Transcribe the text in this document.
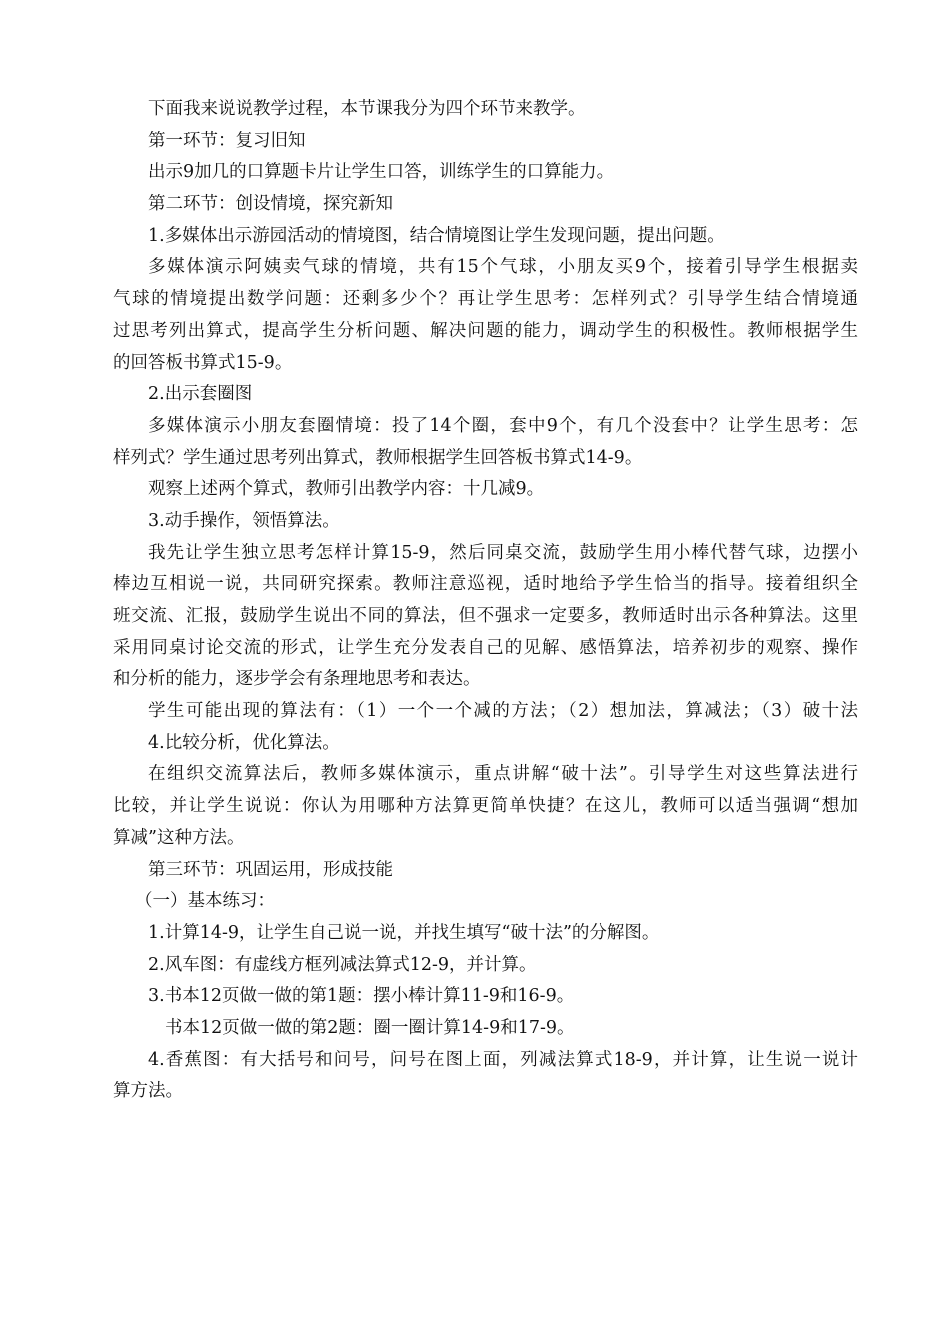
下面我来说说教学过程，本节课我分为四个环节来教学。
第一环节：复习旧知
出示9加几的口算题卡片让学生口答，训练学生的口算能力。
第二环节：创设情境，探究新知
1.多媒体出示游园活动的情境图，结合情境图让学生发现问题，提出问题。
多媒体演示阿姨卖气球的情境，共有15个气球，小朋友买9个，接着引导学生根据卖
气球的情境提出数学问题：还剩多少个？再让学生思考：怎样列式？引导学生结合情境通
过思考列出算式，提高学生分析问题、解决问题的能力，调动学生的积极性。教师根据学生
的回答板书算式15-9。
2.出示套圈图
多媒体演示小朋友套圈情境：投了14个圈，套中9个，有几个没套中？让学生思考：怎
样列式？学生通过思考列出算式，教师根据学生回答板书算式14-9。
观察上述两个算式，教师引出教学内容：十几减9。
3.动手操作，领悟算法。
我先让学生独立思考怎样计算15-9，然后同桌交流，鼓励学生用小棒代替气球，边摆小
棒边互相说一说，共同研究探索。教师注意巡视，适时地给予学生恰当的指导。接着组织全
班交流、汇报，鼓励学生说出不同的算法，但不强求一定要多，教师适时出示各种算法。这里
采用同桌讨论交流的形式，让学生充分发表自己的见解、感悟算法，培养初步的观察、操作
和分析的能力，逐步学会有条理地思考和表达。
学生可能出现的算法有：（1）一个一个减的方法；（2）想加法，算减法；（3）破十法
4.比较分析，优化算法。
在组织交流算法后，教师多媒体演示，重点讲解“破十法”。引导学生对这些算法进行
比较，并让学生说说：你认为用哪种方法算更简单快捷？在这儿，教师可以适当强调“想加
算减”这种方法。
第三环节：巩固运用，形成技能
（一）基本练习：
1.计算14-9，让学生自己说一说，并找生填写“破十法”的分解图。
2.风车图：有虚线方框列减法算式12-9，并计算。
3.书本12页做一做的第1题：摆小棒计算11-9和16-9。
书本12页做一做的第2题：圈一圈计算14-9和17-9。
4.香蕉图：有大括号和问号，问号在图上面，列减法算式18-9，并计算，让生说一说计
算方法。
